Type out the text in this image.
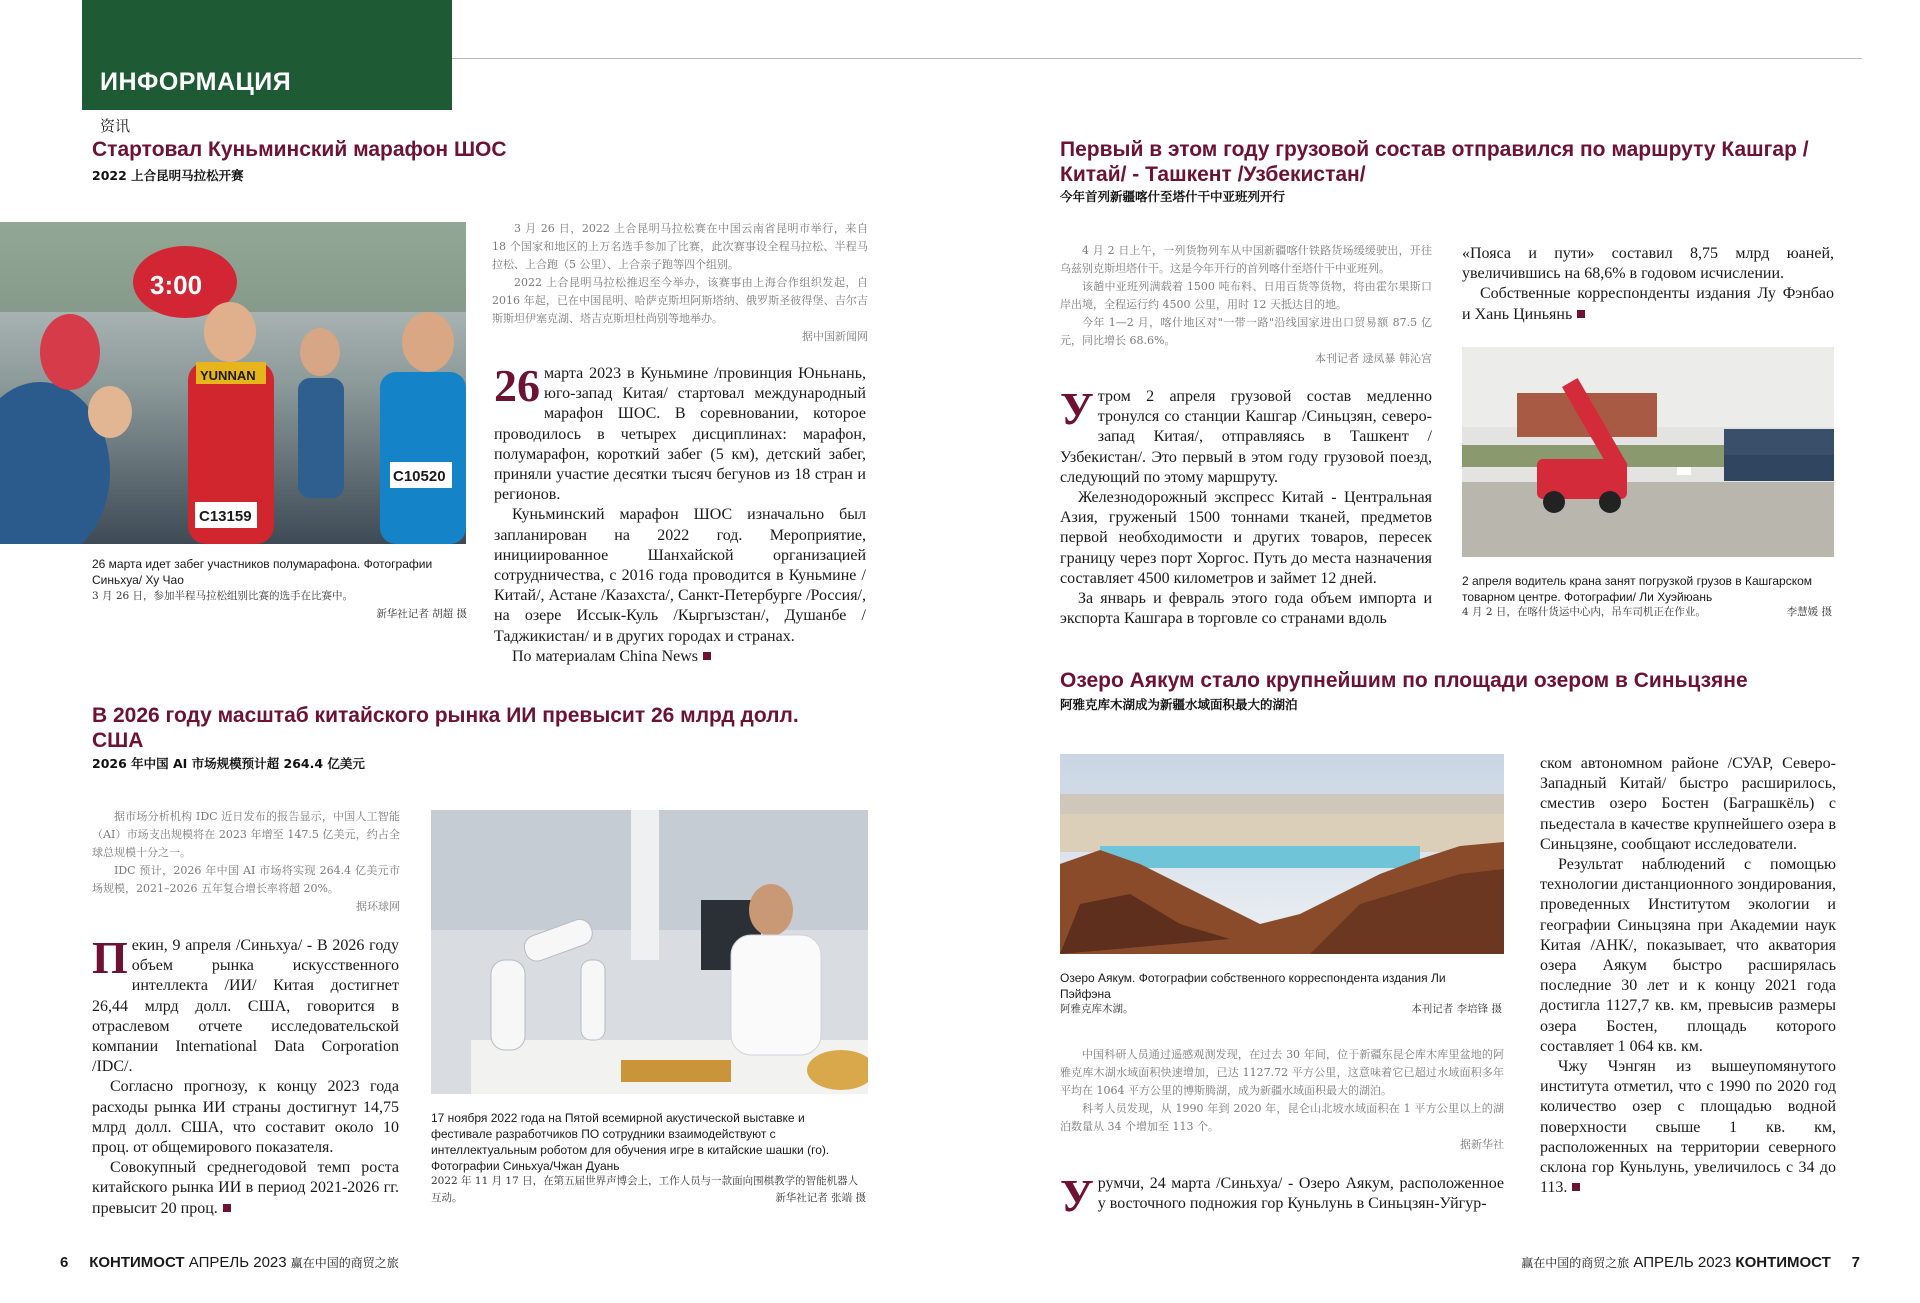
ИНФОРМАЦИЯ
资讯
Стартовал Куньминский марафон ШОС
2022 上合昆明马拉松开赛
3:00
YUNNAN
C13159
C10520
26 марта идет забег участников полумарафона. Фотографии Синьхуа/ Ху Чао
3 月 26 日，参加半程马拉松组别比赛的选手在比赛中。
新华社记者 胡超 摄

3 月 26 日，2022 上合昆明马拉松赛在中国云南省昆明市举行，来自 18 个国家和地区的上万名选手参加了比赛，此次赛事设全程马拉松、半程马拉松、上合跑（5 公里）、上合亲子跑等四个组别。

2022 上合昆明马拉松推迟至今举办，该赛事由上海合作组织发起，自 2016 年起，已在中国昆明、哈萨克斯坦阿斯塔纳、俄罗斯圣彼得堡、吉尔吉斯斯坦伊塞克湖、塔吉克斯坦杜尚别等地举办。

据中国新闻网

26 марта 2023 в Куньмине /провинция Юньнань, юго-запад Китая/ стартовал международный марафон ШОС. В соревновании, которое проводилось в четырех дисциплинах: марафон, полумарафон, короткий забег (5 км), детский забег, приняли участие десятки тысяч бегунов из 18 стран и регионов.

Куньминский марафон ШОС изначально был запланирован на 2022 год. Мероприятие, инициированное Шанхайской организацией сотрудничества, с 2016 года проводится в Куньмине /Китай/, Астане /Казахста/, Санкт-Петербурге /Россия/, на озере Иссык-Куль /Кыргызстан/, Душанбе /Таджикистан/ и в других городах и странах.

По материалам China News

В 2026 году масштаб китайского рынка ИИ превысит 26 млрд долл. США
2026 年中国 AI 市场规模预计超 264.4 亿美元

据市场分析机构 IDC 近日发布的报告显示，中国人工智能（AI）市场支出规模将在 2023 年增至 147.5 亿美元，约占全球总规模十分之一。

IDC 预计，2026 年中国 AI 市场将实现 264.4 亿美元市场规模，2021–2026 五年复合增长率将超 20%。

据环球网

Пекин, 9 апреля /Синьхуа/ - В 2026 году объем рынка искусственного интеллекта /ИИ/ Китая достигнет 26,44 млрд долл. США, говорится в отраслевом отчете исследовательской компании International Data Corporation /IDC/.

Согласно прогнозу, к концу 2023 года расходы рынка ИИ страны достигнут 14,75 млрд долл. США, что составит около 10 проц. от общемирового показателя.

Совокупный среднегодовой темп роста китайского рынка ИИ в период 2021-2026 гг. превысит 20 проц.

17 ноября 2022 года на Пятой всемирной акустической выставке и фестивале разработчиков ПО сотрудники взаимодействуют с интеллектуальным роботом для обучения игре в китайские шашки (го). Фотографии Синьхуа/Чжан Дуань
2022 年 11 月 17 日，在第五届世界声博会上，工作人员与一款面向围棋教学的智能机器人互动。	新华社记者 张端 摄
Первый в этом году грузовой состав отправился по маршруту Кашгар /Китай/ - Ташкент /Узбекистан/
今年首列新疆喀什至塔什干中亚班列开行

4 月 2 日上午，一列货物列车从中国新疆喀什铁路货场缓缓驶出，开往乌兹别克斯坦塔什干。这是今年开行的首列喀什至塔什干中亚班列。

该趟中亚班列满载着 1500 吨布料、日用百货等货物，将由霍尔果斯口岸出境，全程运行约 4500 公里，用时 12 天抵达目的地。

今年 1—2 月，喀什地区对"一带一路"沿线国家进出口贸易额 87.5 亿元，同比增长 68.6%。

本刊记者 逯凤暴 韩沁宫

Утром 2 апреля грузовой состав медленно тронулся со станции Кашгар /Синьцзян, северо-запад Китая/, отправляясь в Ташкент /Узбекистан/. Это первый в этом году грузовой поезд, следующий по этому маршруту.

Железнодорожный экспресс Китай - Центральная Азия, груженый 1500 тоннами тканей, предметов первой необходимости и других товаров, пересек границу через порт Хоргос. Путь до места назначения составляет 4500 километров и займет 12 дней.

За январь и февраль этого года объем импорта и экспорта Кашгара в торговле со странами вдоль

«Пояса и пути» составил 8,75 млрд юаней, увеличившись на 68,6% в годовом исчислении.

Собственные корреспонденты издания Лу Фэнбао и Хань Циньянь

2 апреля водитель крана занят погрузкой грузов в Кашгарском товарном центре. Фотографии/ Ли Хуэйюань
4 月 2 日，在喀什货运中心内，吊车司机正在作业。	李慧媛 摄
Озеро Аякум стало крупнейшим по площади озером в Синьцзяне
阿雅克库木湖成为新疆水域面积最大的湖泊
Озеро Аякум. Фотографии собственного корреспондента издания Ли Пэйфэна
阿雅克库木湖。	本刊记者 李培锋 摄

中国科研人员通过遥感观测发现，在过去 30 年间，位于新疆东昆仑库木库里盆地的阿雅克库木湖水域面积快速增加，已达 1127.72 平方公里，这意味着它已超过水域面积多年平均在 1064 平方公里的博斯腾湖，成为新疆水域面积最大的湖泊。

科考人员发现，从 1990 年到 2020 年，昆仑山北坡水域面积在 1 平方公里以上的湖泊数量从 34 个增加至 113 个。

据新华社

Урумчи, 24 марта /Синьхуа/ - Озеро Аякум, расположенное у восточного подножия гор Куньлунь в Синьцзян-Уйгур-

ском автономном районе /СУАР, Северо-Западный Китай/ быстро расширилось, сместив озеро Бостен (Баграшкёль) с пьедестала в качестве крупнейшего озера в Синьцзяне, сообщают исследователи.

Результат наблюдений с помощью технологии дистанционного зондирования, проведенных Институтом экологии и географии Синьцзяна при Академии наук Китая /АНК/, показывает, что акватория озера Аякум быстро расширялась последние 30 лет и к концу 2021 года достигла 1127,7 кв. км, превысив размеры озера Бостен, площадь которого составляет 1 064 кв. км.

Чжу Чэнгян из вышеупомянутого института отметил, что с 1990 по 2020 год количество озер с площадью водной поверхности свыше 1 кв. км, расположенных на территории северного склона гор Куньлунь, увеличилось с 34 до 113.

6 КОНТИМОСТ АПРЕЛЬ 2023 赢在中国的商贸之旅	赢在中国的商贸之旅 АПРЕЛЬ 2023 КОНТИМОСТ 7
